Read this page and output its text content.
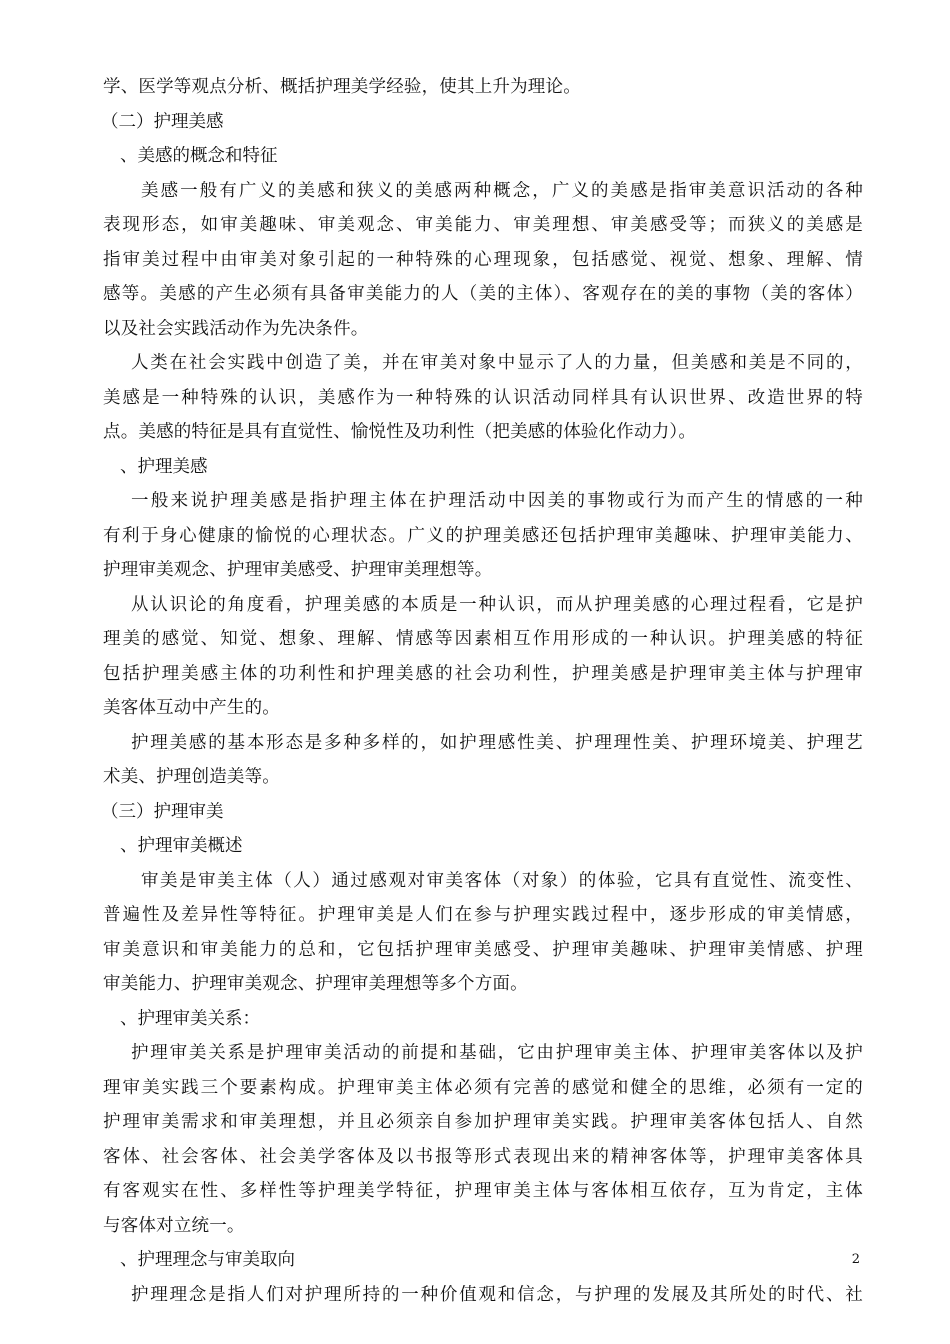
学、医学等观点分析、概括护理美学经验，使其上升为理论。
（二）护理美感
、美感的概念和特征
美感一般有广义的美感和狭义的美感两种概念，广义的美感是指审美意识活动的各种
表现形态，如审美趣味、审美观念、审美能力、审美理想、审美感受等；而狭义的美感是
指审美过程中由审美对象引起的一种特殊的心理现象，包括感觉、视觉、想象、理解、情
感等。美感的产生必须有具备审美能力的人（美的主体）、客观存在的美的事物（美的客体）
以及社会实践活动作为先决条件。
人类在社会实践中创造了美，并在审美对象中显示了人的力量，但美感和美是不同的，
美感是一种特殊的认识，美感作为一种特殊的认识活动同样具有认识世界、改造世界的特
点。美感的特征是具有直觉性、愉悦性及功利性（把美感的体验化作动力）。
、护理美感
一般来说护理美感是指护理主体在护理活动中因美的事物或行为而产生的情感的一种
有利于身心健康的愉悦的心理状态。广义的护理美感还包括护理审美趣味、护理审美能力、
护理审美观念、护理审美感受、护理审美理想等。
从认识论的角度看，护理美感的本质是一种认识，而从护理美感的心理过程看，它是护
理美的感觉、知觉、想象、理解、情感等因素相互作用形成的一种认识。护理美感的特征
包括护理美感主体的功利性和护理美感的社会功利性，护理美感是护理审美主体与护理审
美客体互动中产生的。
护理美感的基本形态是多种多样的，如护理感性美、护理理性美、护理环境美、护理艺
术美、护理创造美等。
（三）护理审美
、护理审美概述
审美是审美主体（人）通过感观对审美客体（对象）的体验，它具有直觉性、流变性、
普遍性及差异性等特征。护理审美是人们在参与护理实践过程中，逐步形成的审美情感，
审美意识和审美能力的总和，它包括护理审美感受、护理审美趣味、护理审美情感、护理
审美能力、护理审美观念、护理审美理想等多个方面。
、护理审美关系：
护理审美关系是护理审美活动的前提和基础，它由护理审美主体、护理审美客体以及护
理审美实践三个要素构成。护理审美主体必须有完善的感觉和健全的思维，必须有一定的
护理审美需求和审美理想，并且必须亲自参加护理审美实践。护理审美客体包括人、自然
客体、社会客体、社会美学客体及以书报等形式表现出来的精神客体等，护理审美客体具
有客观实在性、多样性等护理美学特征，护理审美主体与客体相互依存，互为肯定，主体
与客体对立统一。
、护理理念与审美取向
护理理念是指人们对护理所持的一种价值观和信念，与护理的发展及其所处的时代、社
2
